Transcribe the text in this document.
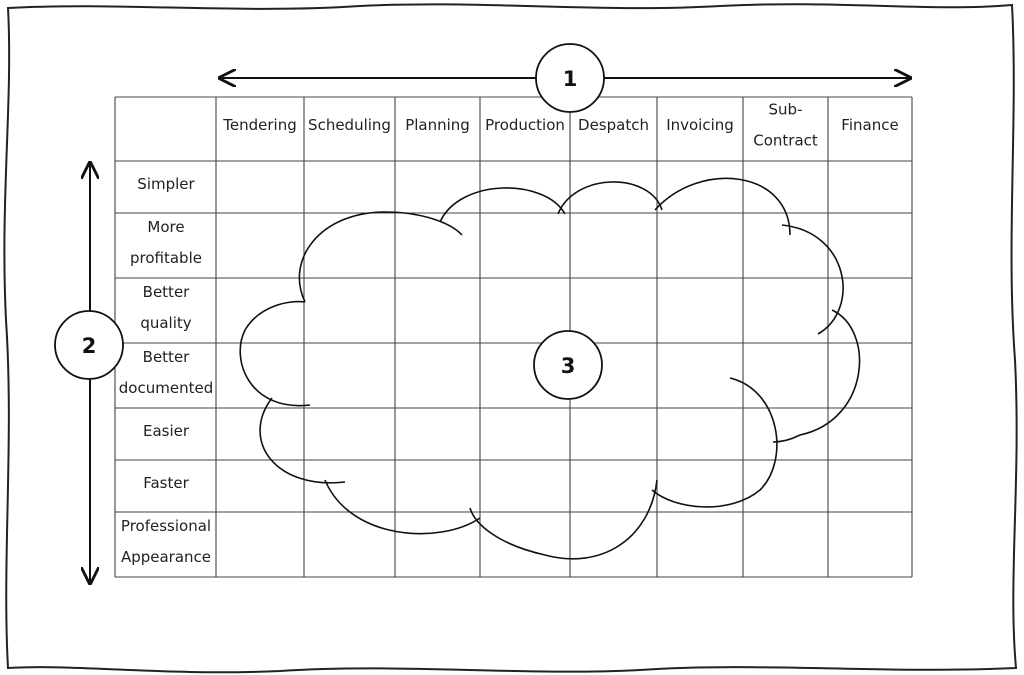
1
2
3
Tendering Scheduling Planning Production Despatch Invoicing
Sub-Contract
Finance
Simpler
More profitable
Better quality
Better documented
Easier
Faster
Professional Appearance
